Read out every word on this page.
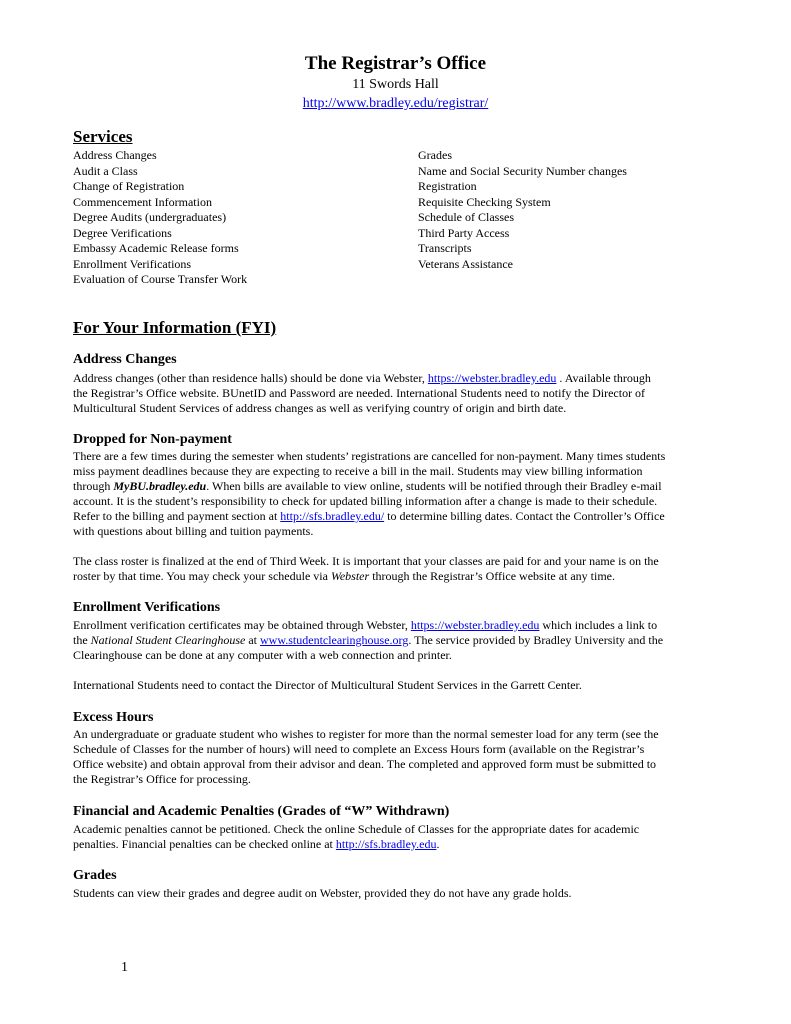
The Registrar’s Office
11 Swords Hall
http://www.bradley.edu/registrar/
Services
Address Changes
Audit a Class
Change of Registration
Commencement Information
Degree Audits (undergraduates)
Degree Verifications
Embassy Academic Release forms
Enrollment Verifications
Evaluation of Course Transfer Work
Grades
Name and Social Security Number changes
Registration
Requisite Checking System
Schedule of Classes
Third Party Access
Transcripts
Veterans Assistance
For Your Information (FYI)
Address Changes
Address changes (other than residence halls) should be done via Webster, https://webster.bradley.edu . Available through
the Registrar’s Office website. BUnetID and Password are needed. International Students need to notify the Director of
Multicultural Student Services of address changes as well as verifying country of origin and birth date.
Dropped for Non-payment
There are a few times during the semester when students’ registrations are cancelled for non-payment. Many times students
miss payment deadlines because they are expecting to receive a bill in the mail. Students may view billing information
through MyBU.bradley.edu. When bills are available to view online, students will be notified through their Bradley e-mail
account. It is the student’s responsibility to check for updated billing information after a change is made to their schedule.
Refer to the billing and payment section at http://sfs.bradley.edu/ to determine billing dates. Contact the Controller’s Office
with questions about billing and tuition payments.
The class roster is finalized at the end of Third Week. It is important that your classes are paid for and your name is on the
roster by that time. You may check your schedule via Webster through the Registrar’s Office website at any time.
Enrollment Verifications
Enrollment verification certificates may be obtained through Webster, https://webster.bradley.edu which includes a link to
the National Student Clearinghouse at www.studentclearinghouse.org. The service provided by Bradley University and the
Clearinghouse can be done at any computer with a web connection and printer.
International Students need to contact the Director of Multicultural Student Services in the Garrett Center.
Excess Hours
An undergraduate or graduate student who wishes to register for more than the normal semester load for any term (see the
Schedule of Classes for the number of hours) will need to complete an Excess Hours form (available on the Registrar’s
Office website) and obtain approval from their advisor and dean. The completed and approved form must be submitted to
the Registrar’s Office for processing.
Financial and Academic Penalties (Grades of “W” Withdrawn)
Academic penalties cannot be petitioned. Check the online Schedule of Classes for the appropriate dates for academic
penalties. Financial penalties can be checked online at http://sfs.bradley.edu.
Grades
Students can view their grades and degree audit on Webster, provided they do not have any grade holds.
1
